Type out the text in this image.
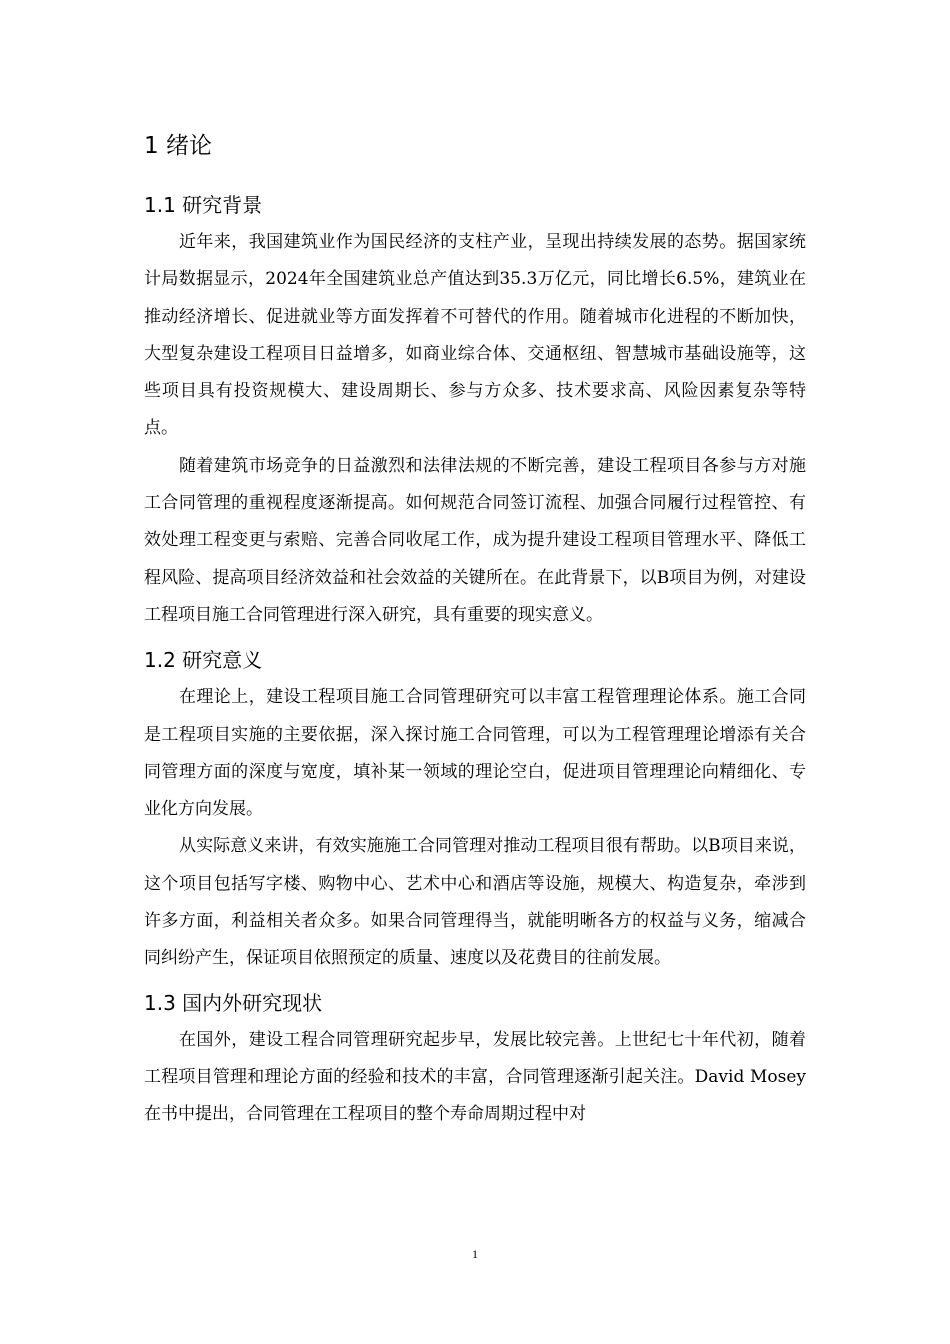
1 绪论
1.1 研究背景

近年来，我国建筑业作为国民经济的支柱产业，呈现出持续发展的态势。据国家统计局数据显示，2024年全国建筑业总产值达到35.3万亿元，同比增长6.5%，建筑业在推动经济增长、促进就业等方面发挥着不可替代的作用。随着城市化进程的不断加快，大型复杂建设工程项目日益增多，如商业综合体、交通枢纽、智慧城市基础设施等，这些项目具有投资规模大、建设周期长、参与方众多、技术要求高、风险因素复杂等特点。

随着建筑市场竞争的日益激烈和法律法规的不断完善，建设工程项目各参与方对施工合同管理的重视程度逐渐提高。如何规范合同签订流程、加强合同履行过程管控、有效处理工程变更与索赔、完善合同收尾工作，成为提升建设工程项目管理水平、降低工程风险、提高项目经济效益和社会效益的关键所在。在此背景下，以B项目为例，对建设工程项目施工合同管理进行深入研究，具有重要的现实意义。

1.2 研究意义

在理论上，建设工程项目施工合同管理研究可以丰富工程管理理论体系。施工合同是工程项目实施的主要依据，深入探讨施工合同管理，可以为工程管理理论增添有关合同管理方面的深度与宽度，填补某一领域的理论空白，促进项目管理理论向精细化、专业化方向发展。

从实际意义来讲，有效实施施工合同管理对推动工程项目很有帮助。以B项目来说，这个项目包括写字楼、购物中心、艺术中心和酒店等设施，规模大、构造复杂，牵涉到许多方面，利益相关者众多。如果合同管理得当，就能明晰各方的权益与义务，缩减合同纠纷产生，保证项目依照预定的质量、速度以及花费目的往前发展。

1.3 国内外研究现状

在国外，建设工程合同管理研究起步早，发展比较完善。上世纪七十年代初，随着工程项目管理和理论方面的经验和技术的丰富，合同管理逐渐引起关注。David Mosey在书中提出，合同管理在工程项目的整个寿命周期过程中对

1
